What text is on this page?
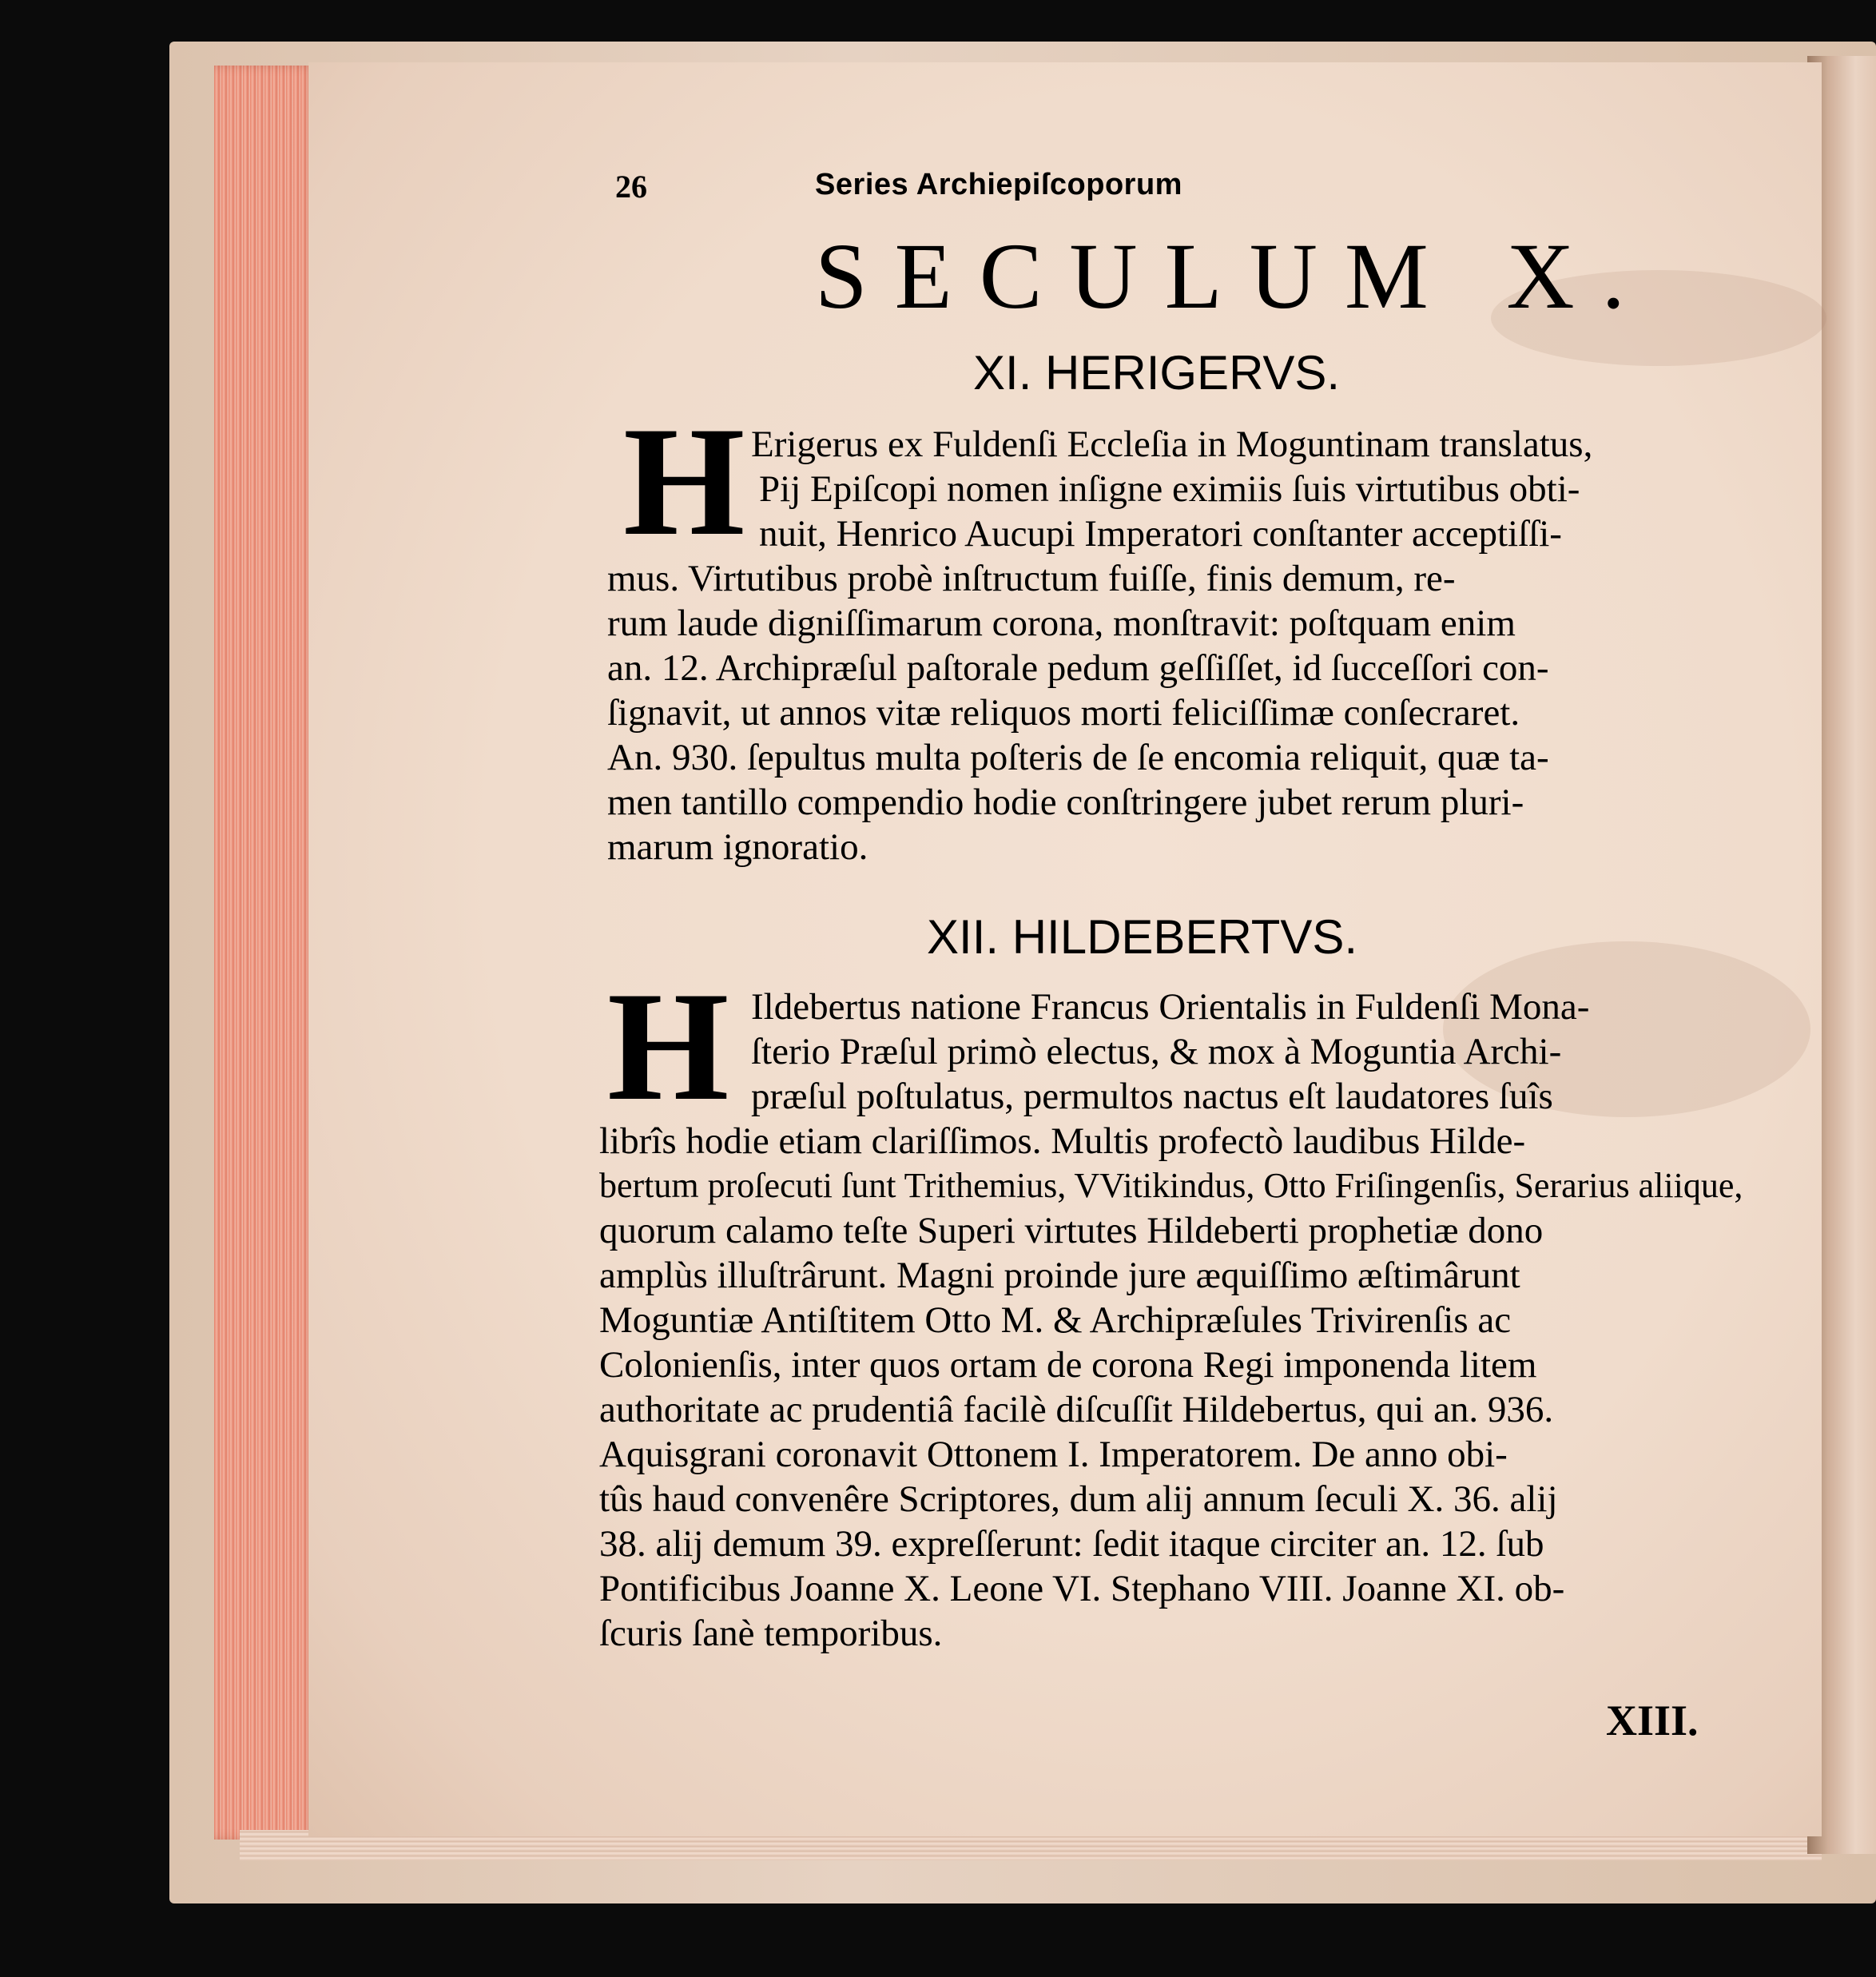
26	Series Archiepiſcoporum
SECULUM X.
XI. HERIGERVS.
H Erigerus ex Fuldenſi Eccleſia in Moguntinam translatus,
Pij Epiſcopi nomen inſigne eximiis ſuis virtutibus obti-
nuit, Henrico Aucupi Imperatori conſtanter acceptiſſi-
mus. Virtutibus probè inſtructum fuiſſe, finis demum, re-
rum laude digniſſimarum corona, monſtravit: poſtquam enim
an. 12. Archipræſul paſtorale pedum geſſiſſet, id ſucceſſori con-
ſignavit, ut annos vitæ reliquos morti feliciſſimæ conſecraret.
An. 930. ſepultus multa poſteris de ſe encomia reliquit, quæ ta-
men tantillo compendio hodie conſtringere jubet rerum pluri-
marum ignoratio.
XII. HILDEBERTVS.
H Ildebertus natione Francus Orientalis in Fuldenſi Mona-
ſterio Præſul primò electus, & mox à Moguntia Archi-
præſul poſtulatus, permultos nactus eſt laudatores ſuîs
librîs hodie etiam clariſſimos. Multis profectò laudibus Hilde-
bertum proſecuti ſunt Trithemius, VVitikindus, Otto Friſingenſis, Serarius aliique,
quorum calamo teſte Superi virtutes Hildeberti prophetiæ dono
amplùs illuſtrârunt. Magni proinde jure æquiſſimo æſtimârunt
Moguntiæ Antiſtitem Otto M. & Archipræſules Trivirenſis ac
Colonienſis, inter quos ortam de corona Regi imponenda litem
authoritate ac prudentiâ facilè diſcuſſit Hildebertus, qui an. 936.
Aquisgrani coronavit Ottonem I. Imperatorem. De anno obi-
tûs haud convenêre Scriptores, dum alij annum ſeculi X. 36. alij
38. alij demum 39. expreſſerunt: ſedit itaque circiter an. 12. ſub
Pontificibus Joanne X. Leone VI. Stephano VIII. Joanne XI. ob-
ſcuris ſanè temporibus.
XIII.
